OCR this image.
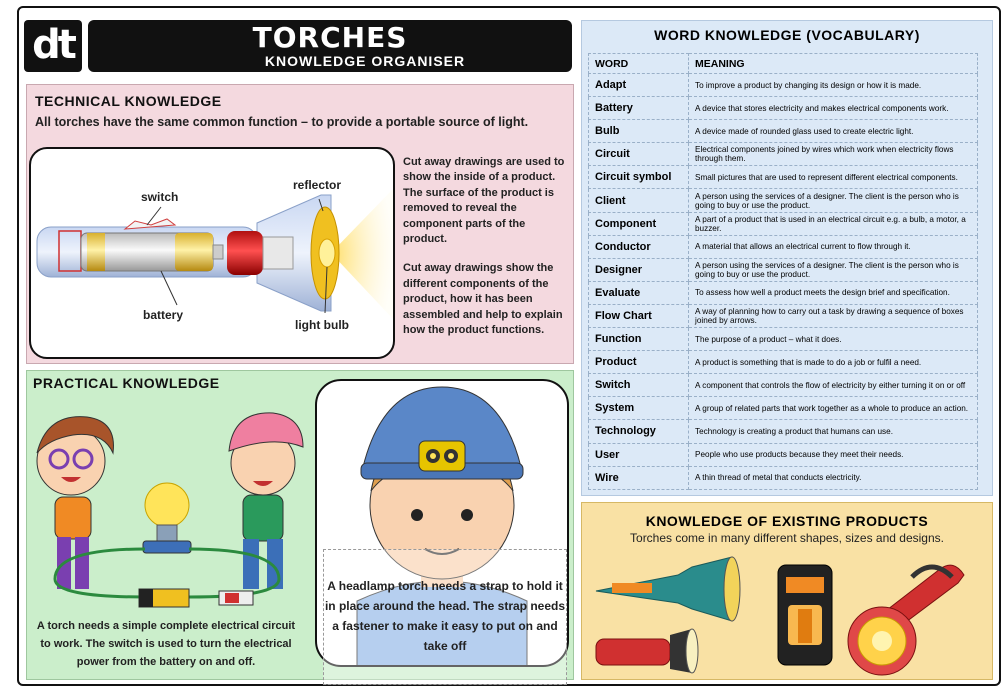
dt	TORCHES
KNOWLEDGE ORGANISER
TECHNICAL KNOWLEDGE
All torches have the same common function – to provide a portable source of light.
switch
reflector
battery
light bulb

Cut away drawings are used to show the inside of a product. The surface of the product is removed to reveal the component parts of the product.

Cut away drawings show the different components of the product, how it has been assembled and help to explain how the product functions.

PRACTICAL KNOWLEDGE
A torch needs a simple complete electrical circuit to work. The switch is used to turn the electrical power from the battery on and off.
A headlamp torch needs a strap to hold it in place around the head. The strap needs a fastener to make it easy to put on and take off
WORD KNOWLEDGE (VOCABULARY)
WORD	MEANING
Adapt	To improve a product by changing its design or how it is made.
Battery	A device that stores electricity and makes electrical components work.
Bulb	A device made of rounded glass used to create electric light.
Circuit	Electrical components joined by wires which work when electricity flows through them.
Circuit symbol	Small pictures that are used to represent different electrical components.
Client	A person using the services of a designer. The client is the person who is going to buy or use the product.
Component	A part of a product that is used in an electrical circuit e.g. a bulb, a motor, a buzzer.
Conductor	A material that allows an electrical current to flow through it.
Designer	A person using the services of a designer. The client is the person who is going to buy or use the product.
Evaluate	To assess how well a product meets the design brief and specification.
Flow Chart	A way of planning how to carry out a task by drawing a sequence of boxes joined by arrows.
Function	The purpose of a product – what it does.
Product	A product is something that is made to do a job or fulfil a need.
Switch	A component that controls the flow of electricity by either turning it on or off
System	A group of related parts that work together as a whole to produce an action.
Technology	Technology is creating a product that humans can use.
User	People who use products because they meet their needs.
Wire	A thin thread of metal that conducts electricity.
KNOWLEDGE OF EXISTING PRODUCTS
Torches come in many different shapes, sizes and designs.
